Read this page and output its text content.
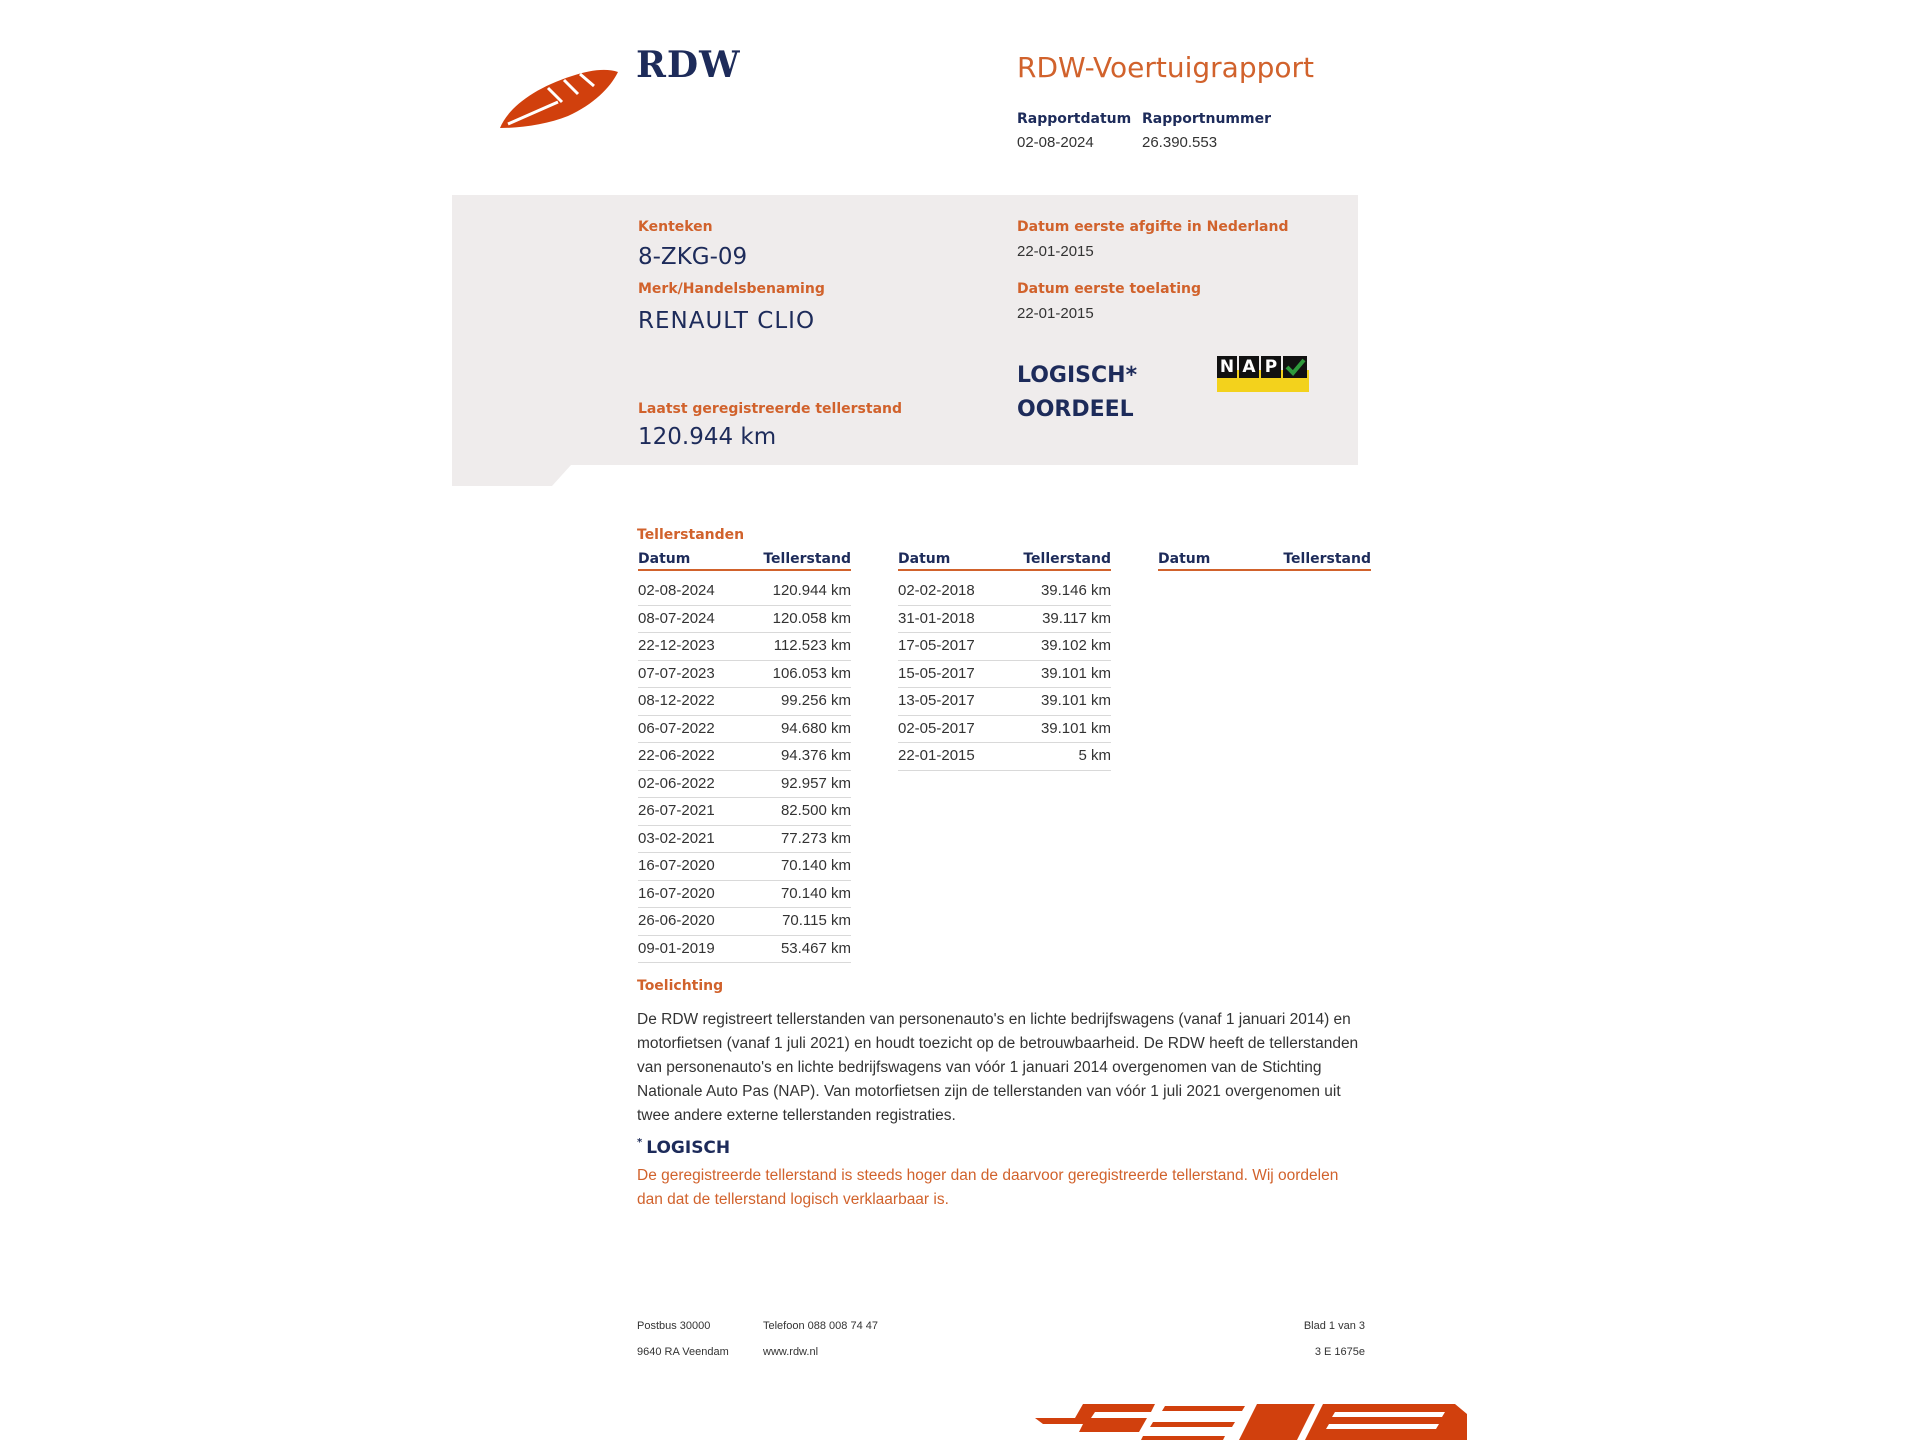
RDW	RDW-Voertuigrapport
Rapportdatum
02-08-2024
Rapportnummer
26.390.553
Kenteken
8-ZKG-09
Merk/Handelsbenaming
RENAULT CLIO
Laatst geregistreerde tellerstand
120.944 km
Datum eerste afgifte in Nederland
22-01-2015
Datum eerste toelating
22-01-2015
LOGISCH*
OORDEEL
N A P
Tellerstanden
Datum	Tellerstand
02-08-2024	120.944 km
08-07-2024	120.058 km
22-12-2023	112.523 km
07-07-2023	106.053 km
08-12-2022	99.256 km
06-07-2022	94.680 km
22-06-2022	94.376 km
02-06-2022	92.957 km
26-07-2021	82.500 km
03-02-2021	77.273 km
16-07-2020	70.140 km
16-07-2020	70.140 km
26-06-2020	70.115 km
09-01-2019	53.467 km
Datum	Tellerstand
02-02-2018	39.146 km
31-01-2018	39.117 km
17-05-2017	39.102 km
15-05-2017	39.101 km
13-05-2017	39.101 km
02-05-2017	39.101 km
22-01-2015	5 km
Datum	Tellerstand
Toelichting
De RDW registreert tellerstanden van personenauto's en lichte bedrijfswagens (vanaf 1 januari 2014) en motorfietsen (vanaf 1 juli 2021) en houdt toezicht op de betrouwbaarheid. De RDW heeft de tellerstanden van personenauto's en lichte bedrijfswagens van vóór 1 januari 2014 overgenomen van de Stichting Nationale Auto Pas (NAP). Van motorfietsen zijn de tellerstanden van vóór 1 juli 2021 overgenomen uit twee andere externe tellerstanden registraties.
* LOGISCH
De geregistreerde tellerstand is steeds hoger dan de daarvoor geregistreerde tellerstand. Wij oordelen dan dat de tellerstand logisch verklaarbaar is.
Postbus 30000
9640 RA Veendam
Telefoon 088 008 74 47
www.rdw.nl
Blad 1 van 3
3 E 1675e
